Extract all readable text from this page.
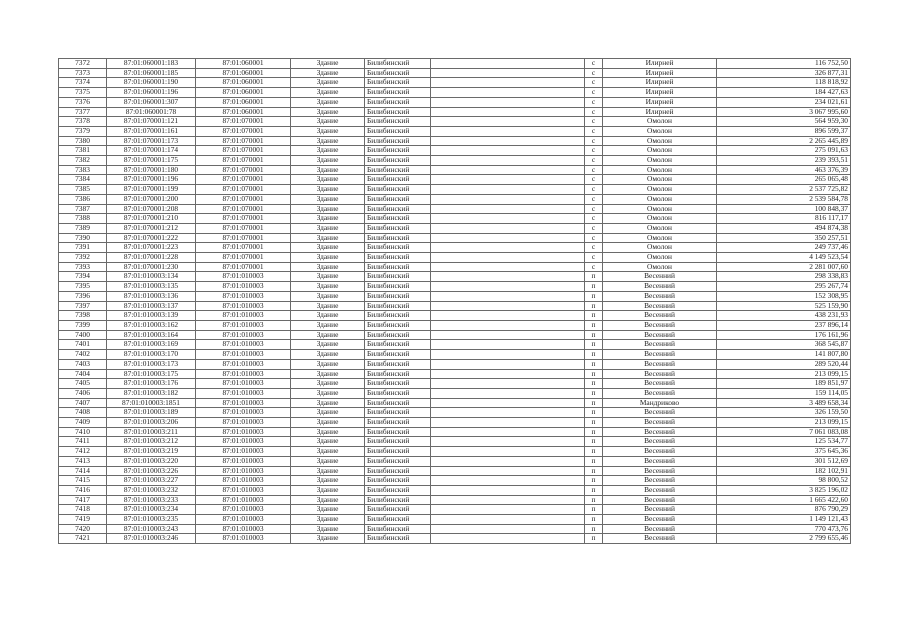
7372	87:01:060001:183	87:01:060001	Здание	Билибинский		с	Илирней	116 752,50
7373	87:01:060001:185	87:01:060001	Здание	Билибинский		с	Илирней	326 877,31
7374	87:01:060001:190	87:01:060001	Здание	Билибинский		с	Илирней	118 818,92
7375	87:01:060001:196	87:01:060001	Здание	Билибинский		с	Илирней	184 427,63
7376	87:01:060001:307	87:01:060001	Здание	Билибинский		с	Илирней	234 021,61
7377	87:01:060001:78	87:01:060001	Здание	Билибинский		с	Илирней	3 067 995,60
7378	87:01:070001:121	87:01:070001	Здание	Билибинский		с	Омолон	564 959,30
7379	87:01:070001:161	87:01:070001	Здание	Билибинский		с	Омолон	896 599,37
7380	87:01:070001:173	87:01:070001	Здание	Билибинский		с	Омолон	2 265 445,89
7381	87:01:070001:174	87:01:070001	Здание	Билибинский		с	Омолон	275 091,63
7382	87:01:070001:175	87:01:070001	Здание	Билибинский		с	Омолон	239 393,51
7383	87:01:070001:180	87:01:070001	Здание	Билибинский		с	Омолон	463 376,39
7384	87:01:070001:196	87:01:070001	Здание	Билибинский		с	Омолон	265 065,48
7385	87:01:070001:199	87:01:070001	Здание	Билибинский		с	Омолон	2 537 725,82
7386	87:01:070001:200	87:01:070001	Здание	Билибинский		с	Омолон	2 539 584,78
7387	87:01:070001:208	87:01:070001	Здание	Билибинский		с	Омолон	100 848,37
7388	87:01:070001:210	87:01:070001	Здание	Билибинский		с	Омолон	816 117,17
7389	87:01:070001:212	87:01:070001	Здание	Билибинский		с	Омолон	494 874,38
7390	87:01:070001:222	87:01:070001	Здание	Билибинский		с	Омолон	350 257,51
7391	87:01:070001:223	87:01:070001	Здание	Билибинский		с	Омолон	249 737,46
7392	87:01:070001:228	87:01:070001	Здание	Билибинский		с	Омолон	4 149 523,54
7393	87:01:070001:230	87:01:070001	Здание	Билибинский		с	Омолон	2 281 007,60
7394	87:01:010003:134	87:01:010003	Здание	Билибинский		п	Весенний	298 338,83
7395	87:01:010003:135	87:01:010003	Здание	Билибинский		п	Весенний	295 267,74
7396	87:01:010003:136	87:01:010003	Здание	Билибинский		п	Весенний	152 308,95
7397	87:01:010003:137	87:01:010003	Здание	Билибинский		п	Весенний	525 159,90
7398	87:01:010003:139	87:01:010003	Здание	Билибинский		п	Весенний	438 231,93
7399	87:01:010003:162	87:01:010003	Здание	Билибинский		п	Весенний	237 896,14
7400	87:01:010003:164	87:01:010003	Здание	Билибинский		п	Весенний	176 161,96
7401	87:01:010003:169	87:01:010003	Здание	Билибинский		п	Весенний	368 545,87
7402	87:01:010003:170	87:01:010003	Здание	Билибинский		п	Весенний	141 807,80
7403	87:01:010003:173	87:01:010003	Здание	Билибинский		п	Весенний	289 520,44
7404	87:01:010003:175	87:01:010003	Здание	Билибинский		п	Весенний	213 099,15
7405	87:01:010003:176	87:01:010003	Здание	Билибинский		п	Весенний	189 851,97
7406	87:01:010003:182	87:01:010003	Здание	Билибинский		п	Весенний	159 114,05
7407	87:01:010003:1851	87:01:010003	Здание	Билибинский		п	Мандриково	3 489 658,34
7408	87:01:010003:189	87:01:010003	Здание	Билибинский		п	Весенний	326 159,50
7409	87:01:010003:206	87:01:010003	Здание	Билибинский		п	Весенний	213 099,15
7410	87:01:010003:211	87:01:010003	Здание	Билибинский		п	Весенний	7 061 083,08
7411	87:01:010003:212	87:01:010003	Здание	Билибинский		п	Весенний	125 534,77
7412	87:01:010003:219	87:01:010003	Здание	Билибинский		п	Весенний	375 645,36
7413	87:01:010003:220	87:01:010003	Здание	Билибинский		п	Весенний	301 512,69
7414	87:01:010003:226	87:01:010003	Здание	Билибинский		п	Весенний	182 102,91
7415	87:01:010003:227	87:01:010003	Здание	Билибинский		п	Весенний	98 800,52
7416	87:01:010003:232	87:01:010003	Здание	Билибинский		п	Весенний	3 825 196,02
7417	87:01:010003:233	87:01:010003	Здание	Билибинский		п	Весенний	1 665 422,60
7418	87:01:010003:234	87:01:010003	Здание	Билибинский		п	Весенний	876 790,29
7419	87:01:010003:235	87:01:010003	Здание	Билибинский		п	Весенний	1 149 121,43
7420	87:01:010003:243	87:01:010003	Здание	Билибинский		п	Весенний	770 473,76
7421	87:01:010003:246	87:01:010003	Здание	Билибинский		п	Весенний	2 799 655,46
